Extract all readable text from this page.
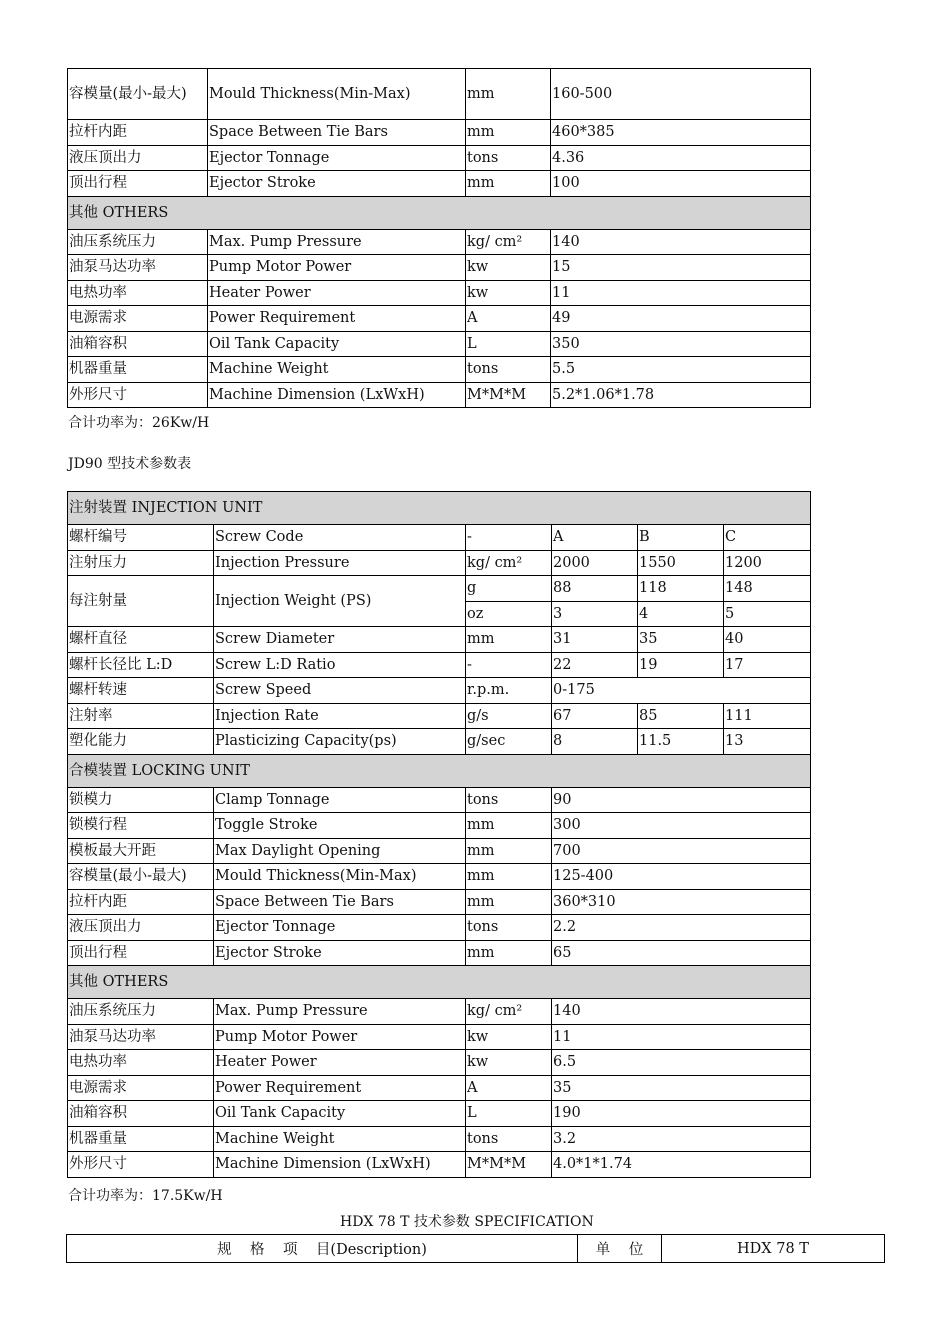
容模量(最小-最大)	Mould Thickness(Min-Max)	mm	160-500
拉杆内距	Space Between Tie Bars	mm	460*385
液压顶出力	Ejector Tonnage	tons	4.36
顶出行程	Ejector Stroke	mm	100
其他 OTHERS			
油压系统压力	Max. Pump Pressure	kg/ cm²	140
油泵马达功率	Pump Motor Power	kw	15
电热功率	Heater Power	kw	11
电源需求	Power Requirement	A	49
油箱容积	Oil Tank Capacity	L	350
机器重量	Machine Weight	tons	5.5
外形尺寸	Machine Dimension (LxWxH)	M*M*M	5.2*1.06*1.78
合计功率为：26Kw/H
JD90 型技术参数表
注射装置 INJECTION UNIT					
螺杆编号	Screw Code	-	A	B	C
注射压力	Injection Pressure	kg/ cm²	2000	1550	1200
每注射量	Injection Weight (PS)	g	88	118	148
		oz	3	4	5
螺杆直径	Screw Diameter	mm	31	35	40
螺杆长径比 L:D	Screw L:D Ratio	-	22	19	17
螺杆转速	Screw Speed	r.p.m.	0-175		
注射率	Injection Rate	g/s	67	85	111
塑化能力	Plasticizing Capacity(ps)	g/sec	8	11.5	13
合模装置 LOCKING UNIT					
锁模力	Clamp Tonnage	tons	90		
锁模行程	Toggle Stroke	mm	300		
模板最大开距	Max Daylight Opening	mm	700		
容模量(最小-最大)	Mould Thickness(Min-Max)	mm	125-400		
拉杆内距	Space Between Tie Bars	mm	360*310		
液压顶出力	Ejector Tonnage	tons	2.2		
顶出行程	Ejector Stroke	mm	65		
其他 OTHERS					
油压系统压力	Max. Pump Pressure	kg/ cm²	140		
油泵马达功率	Pump Motor Power	kw	11		
电热功率	Heater Power	kw	6.5		
电源需求	Power Requirement	A	35		
油箱容积	Oil Tank Capacity	L	190		
机器重量	Machine Weight	tons	3.2		
外形尺寸	Machine Dimension (LxWxH)	M*M*M	4.0*1*1.74		
合计功率为：17.5Kw/H
HDX 78 T 技术参数 SPECIFICATION
规    格    项    目(Description)	单    位	HDX 78 T
